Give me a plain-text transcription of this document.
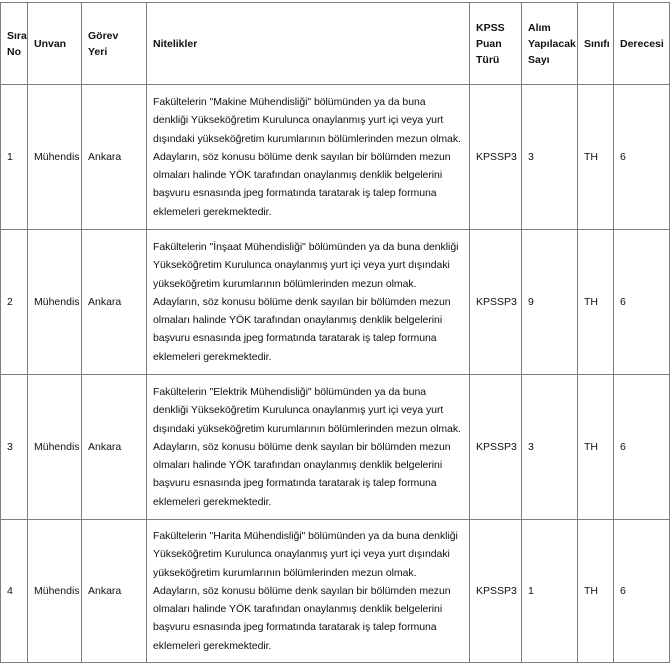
Sıra No	Unvan	Görev Yeri	Nitelikler	KPSS Puan Türü	Alım Yapılacak Sayı	Sınıfı	Derecesi
1	Mühendis	Ankara	Fakültelerin "Makine Mühendisliği" bölümünden ya da buna denkliği Yükseköğretim Kurulunca onaylanmış yurt içi veya yurt dışındaki yükseköğretim kurumlarının bölümlerinden mezun olmak. Adayların, söz konusu bölüme denk sayılan bir bölümden mezun olmaları halinde YÖK tarafından onaylanmış denklik belgelerini başvuru esnasında jpeg formatında taratarak iş talep formuna eklemeleri gerekmektedir.	KPSSP3	3	TH	6
2	Mühendis	Ankara	Fakültelerin "İnşaat Mühendisliği" bölümünden ya da buna denkliği Yükseköğretim Kurulunca onaylanmış yurt içi veya yurt dışındaki yükseköğretim kurumlarının bölümlerinden mezun olmak. Adayların, söz konusu bölüme denk sayılan bir bölümden mezun olmaları halinde YÖK tarafından onaylanmış denklik belgelerini başvuru esnasında jpeg formatında taratarak iş talep formuna eklemeleri gerekmektedir.	KPSSP3	9	TH	6
3	Mühendis	Ankara	Fakültelerin "Elektrik Mühendisliği" bölümünden ya da buna denkliği Yükseköğretim Kurulunca onaylanmış yurt içi veya yurt dışındaki yükseköğretim kurumlarının bölümlerinden mezun olmak. Adayların, söz konusu bölüme denk sayılan bir bölümden mezun olmaları halinde YÖK tarafından onaylanmış denklik belgelerini başvuru esnasında jpeg formatında taratarak iş talep formuna eklemeleri gerekmektedir.	KPSSP3	3	TH	6
4	Mühendis	Ankara	Fakültelerin "Harita Mühendisliği" bölümünden ya da buna denkliği Yükseköğretim Kurulunca onaylanmış yurt içi veya yurt dışındaki yükseköğretim kurumlarının bölümlerinden mezun olmak. Adayların, söz konusu bölüme denk sayılan bir bölümden mezun olmaları halinde YÖK tarafından onaylanmış denklik belgelerini başvuru esnasında jpeg formatında taratarak iş talep formuna eklemeleri gerekmektedir.	KPSSP3	1	TH	6
